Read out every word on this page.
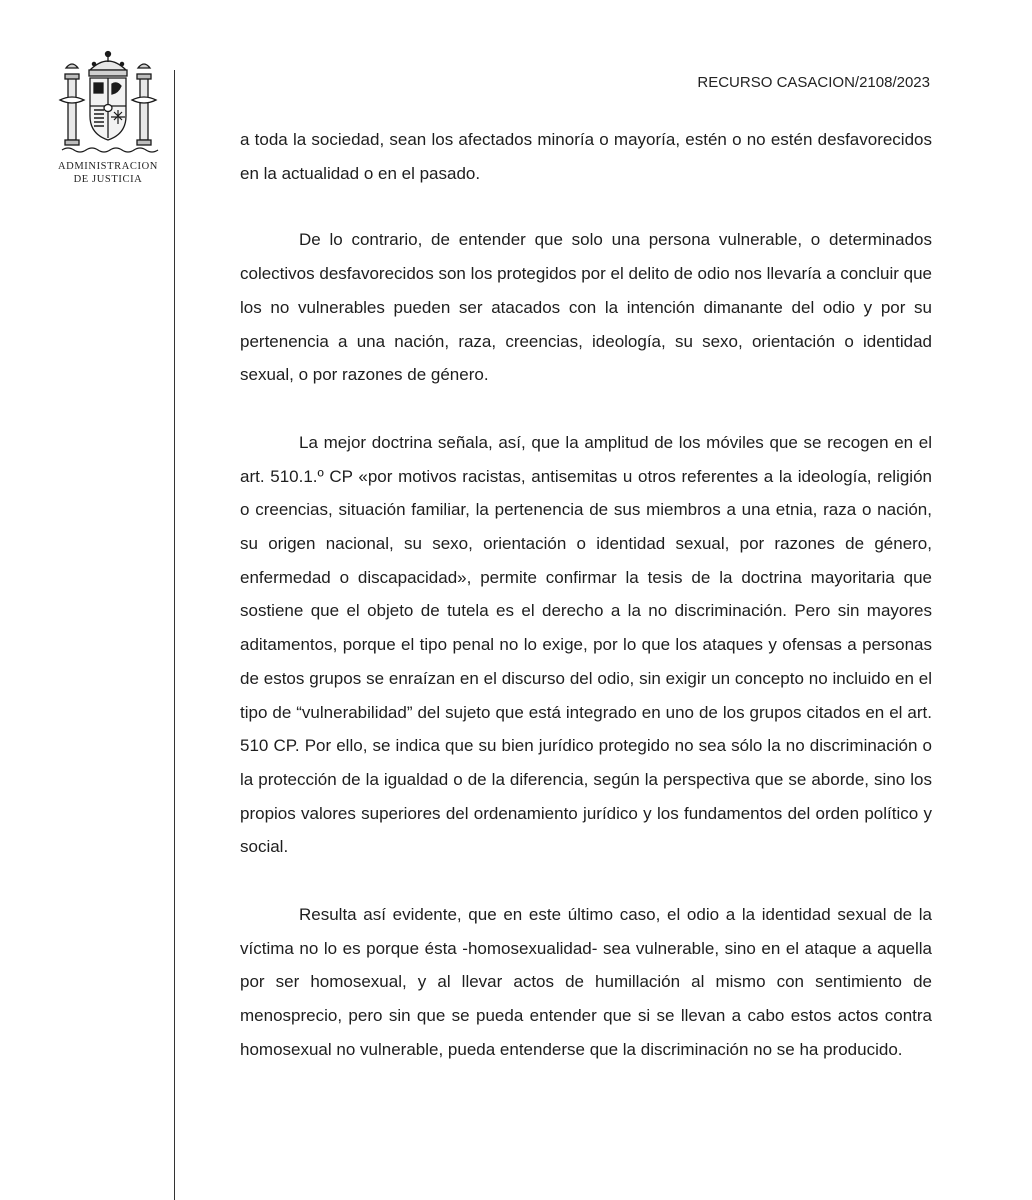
ADMINISTRACION
DE JUSTICIA
RECURSO CASACION/2108/2023

a toda la sociedad, sean los afectados minoría o mayoría, estén o no estén desfavorecidos en la actualidad o en el pasado.

De lo contrario, de entender que solo una persona vulnerable, o determinados colectivos desfavorecidos son los protegidos por el delito de odio nos llevaría a concluir que los no vulnerables pueden ser atacados con la intención dimanante del odio y por su pertenencia a una nación, raza, creencias, ideología, su sexo, orientación o identidad sexual, o por razones de género.

La mejor doctrina señala, así, que la amplitud de los móviles que se recogen en el art. 510.1.º CP «por motivos racistas, antisemitas u otros referentes a la ideología, religión o creencias, situación familiar, la pertenencia de sus miembros a una etnia, raza o nación, su origen nacional, su sexo, orientación o identidad sexual, por razones de género, enfermedad o discapacidad», permite confirmar la tesis de la doctrina mayoritaria que sostiene que el objeto de tutela es el derecho a la no discriminación. Pero sin mayores aditamentos, porque el tipo penal no lo exige, por lo que los ataques y ofensas a personas de estos grupos se enraízan en el discurso del odio, sin exigir un concepto no incluido en el tipo de “vulnerabilidad” del sujeto que está integrado en uno de los grupos citados en el art. 510 CP. Por ello, se indica que su bien jurídico protegido no sea sólo la no discriminación o la protección de la igualdad o de la diferencia, según la perspectiva que se aborde, sino los propios valores superiores del ordenamiento jurídico y los fundamentos del orden político y social.

Resulta así evidente, que en este último caso, el odio a la identidad sexual de la víctima no lo es porque ésta -homosexualidad- sea vulnerable, sino en el ataque a aquella por ser homosexual, y al llevar actos de humillación al mismo con sentimiento de menosprecio, pero sin que se pueda entender que si se llevan a cabo estos actos contra homosexual no vulnerable, pueda entenderse que la discriminación no se ha producido.
